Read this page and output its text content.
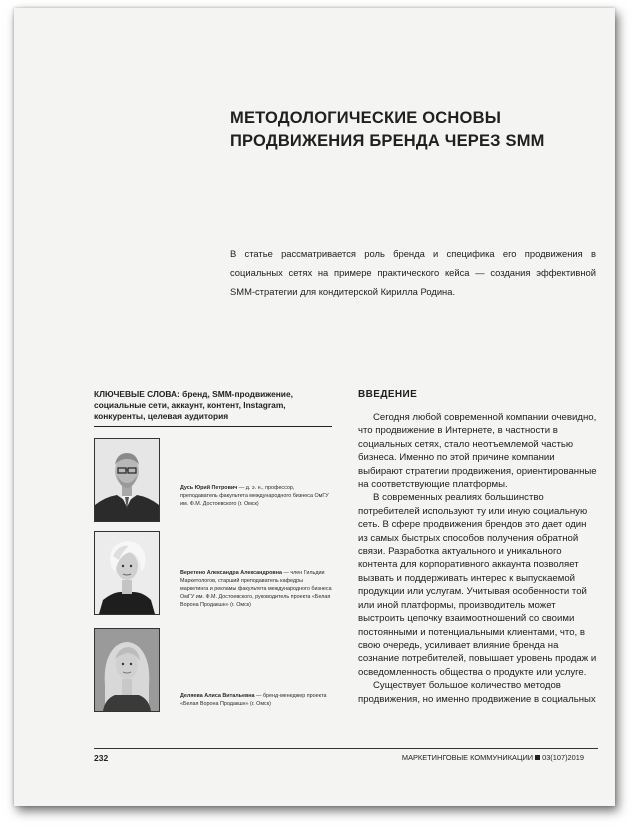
МЕТОДОЛОГИЧЕСКИЕ ОСНОВЫ
ПРОДВИЖЕНИЯ БРЕНДА ЧЕРЕЗ SMM
В статье рассматривается роль бренда и специфика его продвижения в социальных сетях на примере практического кейса — создания эффективной SMM-стратегии для кондитерской Кирилла Родина.
КЛЮЧЕВЫЕ СЛОВА: бренд, SMM-продвижение, социальные сети, аккаунт, контент, Instagram, конкуренты, целевая аудитория
Дусь Юрий Петрович — д. э. н., профессор, преподаватель факультета международного бизнеса ОмГУ им. Ф.М. Достоевского (г. Омск)
Веретено Александра Александровна — член Гильдии Маркетологов, старший преподаватель кафедры маркетинга и рекламы факультета международного бизнеса ОмГУ им. Ф.М. Достоевского, руководитель проекта «Белая Ворона Продакшн» (г. Омск)
Деляева Алиса Витальевна — бренд-менеджер проекта «Белая Ворона Продакшн» (г. Омск)
ВВЕДЕНИЕ

Сегодня любой современной компании очевидно, что продвижение в Интернете, в частности в социальных сетях, стало неотъемлемой частью бизнеса. Именно по этой причине компании выбирают стратегии продвижения, ориентированные на соответствующие платформы.

В современных реалиях большинство потребителей используют ту или иную социальную сеть. В сфере продвижения брендов это дает один из самых быстрых способов получения обратной связи. Разработка актуального и уникального контента для корпоративного аккаунта позволяет вызвать и поддерживать интерес к выпускаемой продукции или услугам. Учитывая особенности той или иной платформы, производитель может выстроить цепочку взаимоотношений со своими постоянными и потенциальными клиентами, что, в свою очередь, усиливает влияние бренда на сознание потребителей, повышает уровень продаж и осведомленность общества о продукте или услуге.

Существует большое количество методов продвижения, но именно продвижение в социальных

232	МАРКЕТИНГОВЫЕ КОММУНИКАЦИИ 03(107)2019
